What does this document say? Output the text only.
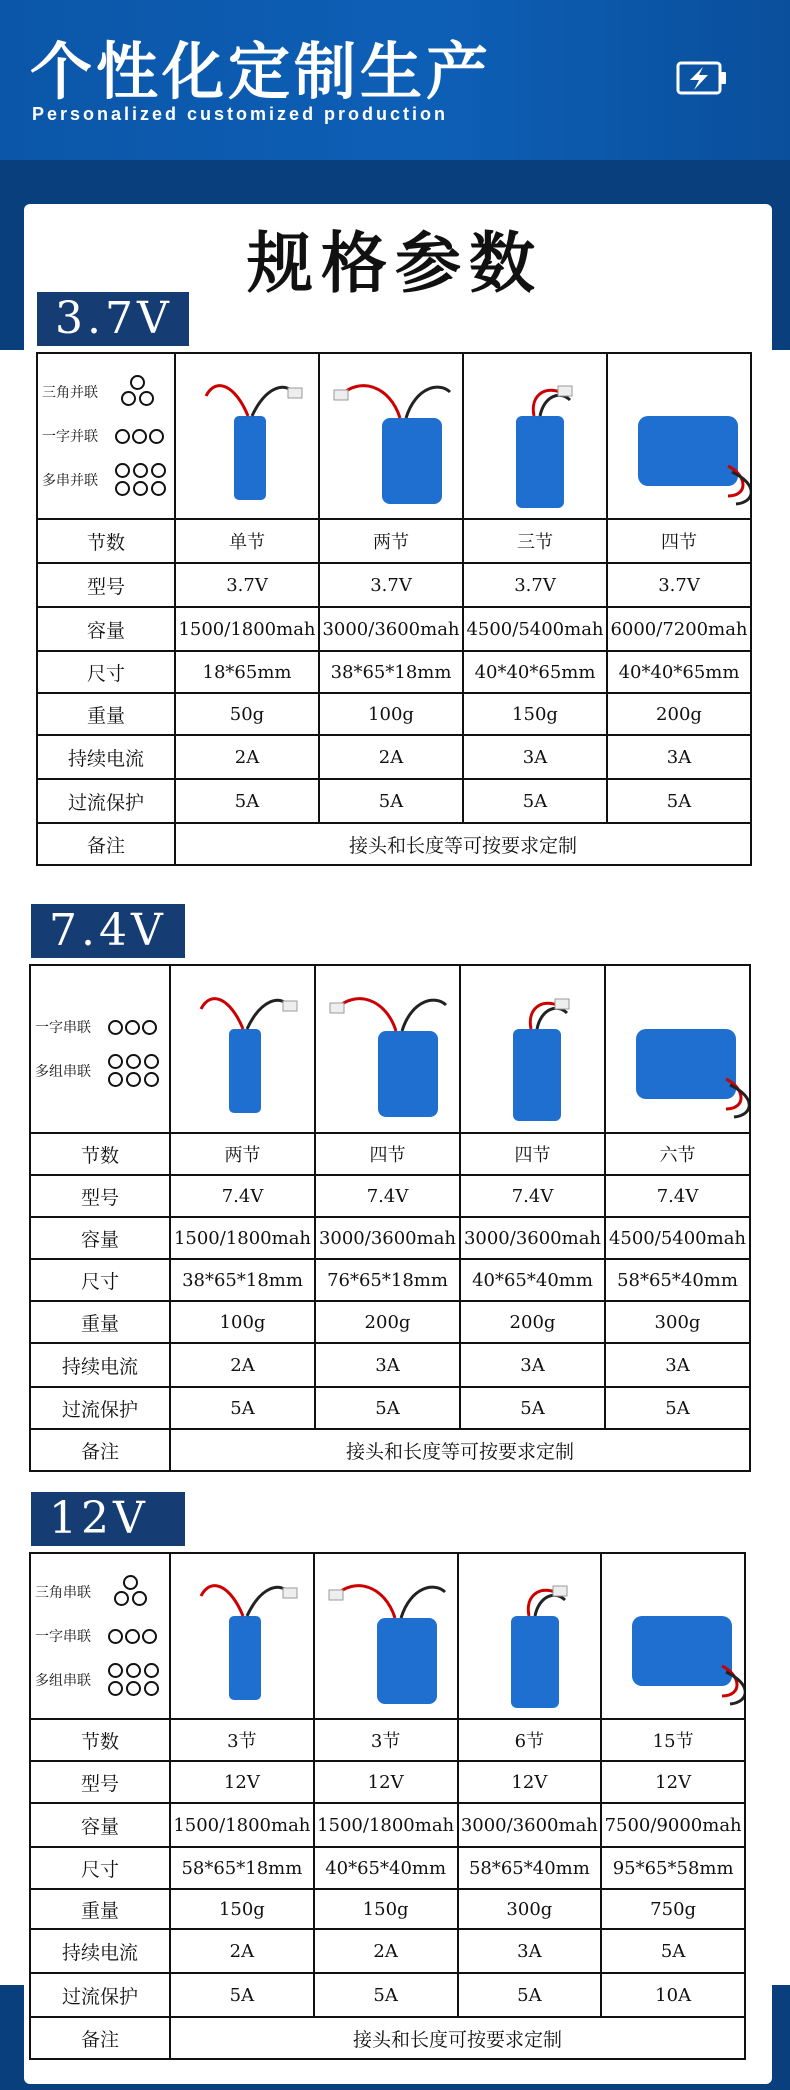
个性化定制生产
Personalized customized production
规格参数
3.7V
三角并联
一字并联
多串并联

节数	单节	两节	三节	四节
型号	3.7V	3.7V	3.7V	3.7V
容量	1500/1800mah	3000/3600mah	4500/5400mah	6000/7200mah
尺寸	18*65mm	38*65*18mm	40*40*65mm	40*40*65mm
重量	50g	100g	150g	200g
持续电流	2A	2A	3A	3A
过流保护	5A	5A	5A	5A
备注	接头和长度等可按要求定制			
7.4V
一字串联
多组串联

节数	两节	四节	四节	六节
型号	7.4V	7.4V	7.4V	7.4V
容量	1500/1800mah	3000/3600mah	3000/3600mah	4500/5400mah
尺寸	38*65*18mm	76*65*18mm	40*65*40mm	58*65*40mm
重量	100g	200g	200g	300g
持续电流	2A	3A	3A	3A
过流保护	5A	5A	5A	5A
备注	接头和长度等可按要求定制			
12V
三角串联
一字串联
多组串联

节数	3节	3节	6节	15节
型号	12V	12V	12V	12V
容量	1500/1800mah	1500/1800mah	3000/3600mah	7500/9000mah
尺寸	58*65*18mm	40*65*40mm	58*65*40mm	95*65*58mm
重量	150g	150g	300g	750g
持续电流	2A	2A	3A	5A
过流保护	5A	5A	5A	10A
备注	接头和长度可按要求定制			
